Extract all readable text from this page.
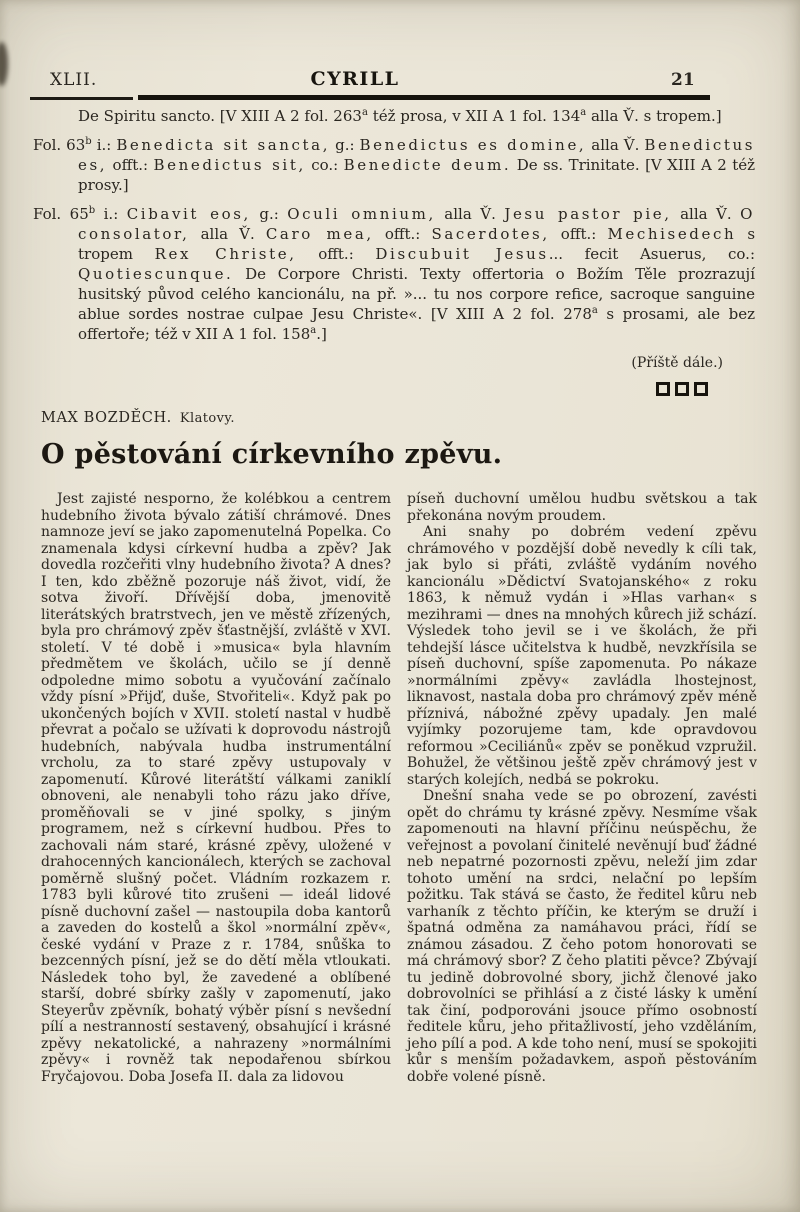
XLII.	CYRILL	21

De Spiritu sancto. [V XIII A 2 fol. 263$^a$ též prosa, v XII A 1 fol. 134$^a$ alla V̌. s tropem.]

Fol. 63$^b$ i.: Benedicta sit sancta, g.: Benedictus es domine, alla V̌. Benedictus es, offt.: Benedictus sit, co.: Benedicte deum. De ss. Trinitate. [V XIII A 2 též prosy.]

Fol. 65$^b$ i.: Cibavit eos, g.: Oculi omnium, alla V̌. Jesu pastor pie, alla V̌. O consolator, alla V̌. Caro mea, offt.: Sacerdotes, offt.: Mechisedech s tropem Rex Christe, offt.: Discubuit Jesus... fecit Asuerus, co.: Quotiescunque. De Corpore Christi. Texty offertoria o Božím Těle prozrazují husitský původ celého kancionálu, na př. »... tu nos corpore refice, sacroque sanguine ablue sordes nostrae culpae Jesu Christe«. [V XIII A 2 fol. 278$^a$ s prosami, ale bez offertoře; též v XII A 1 fol. 158$^a$.]

(Příště dále.)
MAX BOZDĚCH. Klatovy.
O pěstování církevního zpěvu.

Jest zajisté nesporno, že kolébkou a centrem hudebního života bývalo zátiší chrámové. Dnes namnoze jeví se jako zapomenutelná Popelka. Co znamenala kdysi církevní hudba a zpěv? Jak dovedla rozčeřiti vlny hudebního života? A dnes? I ten, kdo zběžně pozoruje náš život, vidí, že sotva živoří. Dřívější doba, jmenovitě literátských bratrstvech, jen ve městě zřízených, byla pro chrámový zpěv šťastnější, zvláště v XVI. století. V té době i »musica« byla hlavním předmětem ve školách, učilo se jí denně odpoledne mimo sobotu a vyučování začínalo vždy písní »Přijď, duše, Stvořiteli«. Když pak po ukončených bojích v XVII. století nastal v hudbě převrat a počalo se užívati k doprovodu nástrojů hudebních, nabývala hudba instrumentální vrcholu, za to staré zpěvy ustupovaly v zapomenutí. Kůrové literátští válkami zaniklí obnoveni, ale nenabyli toho rázu jako dříve, proměňovali se v jiné spolky, s jiným programem, než s církevní hudbou. Přes to zachovali nám staré, krásné zpěvy, uložené v drahocenných kancionálech, kterých se zachoval poměrně slušný počet. Vládním rozkazem r. 1783 byli kůrové tito zrušeni — ideál lidové písně duchovní zašel — nastoupila doba kantorů a zaveden do kostelů a škol »normální zpěv«, české vydání v Praze z r. 1784, snůška to bezcenných písní, jež se do dětí měla vtloukati. Následek toho byl, že zavedené a oblíbené starší, dobré sbírky zašly v zapomenutí, jako Steyerův zpěvník, bohatý výběr písní s nevšední pílí a nestranností sestavený, obsahující i krásné zpěvy nekatolické, a nahrazeny »normálními zpěvy« i rovněž tak nepodařenou sbírkou Fryčajovou. Doba Josefa II. dala za lidovou

píseň duchovní umělou hudbu světskou a tak překonána novým proudem.

Ani snahy po dobrém vedení zpěvu chrámového v pozdější době nevedly k cíli tak, jak bylo si přáti, zvláště vydáním nového kancionálu »Dědictví Svatojanského« z roku 1863, k němuž vydán i »Hlas varhan« s mezihrami — dnes na mnohých kůrech již schází. Výsledek toho jevil se i ve školách, že při tehdejší lásce učitelstva k hudbě, nevzkřísila se píseň duchovní, spíše zapomenuta. Po nákaze »normálními zpěvy« zavládla lhostejnost, liknavost, nastala doba pro chrámový zpěv méně příznivá, nábožné zpěvy upadaly. Jen malé vyjímky pozorujeme tam, kde opravdovou reformou »Ceciliánů« zpěv se poněkud vzpružil. Bohužel, že většinou ještě zpěv chrámový jest v starých kolejích, nedbá se pokroku.

Dnešní snaha vede se po obrození, zavésti opět do chrámu ty krásné zpěvy. Nesmíme však zapomenouti na hlavní příčinu neúspěchu, že veřejnost a povolaní činitelé nevěnují buď žádné neb nepatrné pozornosti zpěvu, neleží jim zdar tohoto umění na srdci, nelační po lepším požitku. Tak stává se často, že ředitel kůru neb varhaník z těchto příčin, ke kterým se druží i špatná odměna za namáhavou práci, řídí se známou zásadou. Z čeho potom honorovati se má chrámový sbor? Z čeho platiti pěvce? Zbývají tu jedině dobrovolné sbory, jichž členové jako dobrovolníci se přihlásí a z čisté lásky k umění tak činí, podporováni jsouce přímo osobností ředitele kůru, jeho přitažlivostí, jeho vzděláním, jeho pílí a pod. A kde toho není, musí se spokojiti kůr s menším požadavkem, aspoň pěstováním dobře volené písně.
